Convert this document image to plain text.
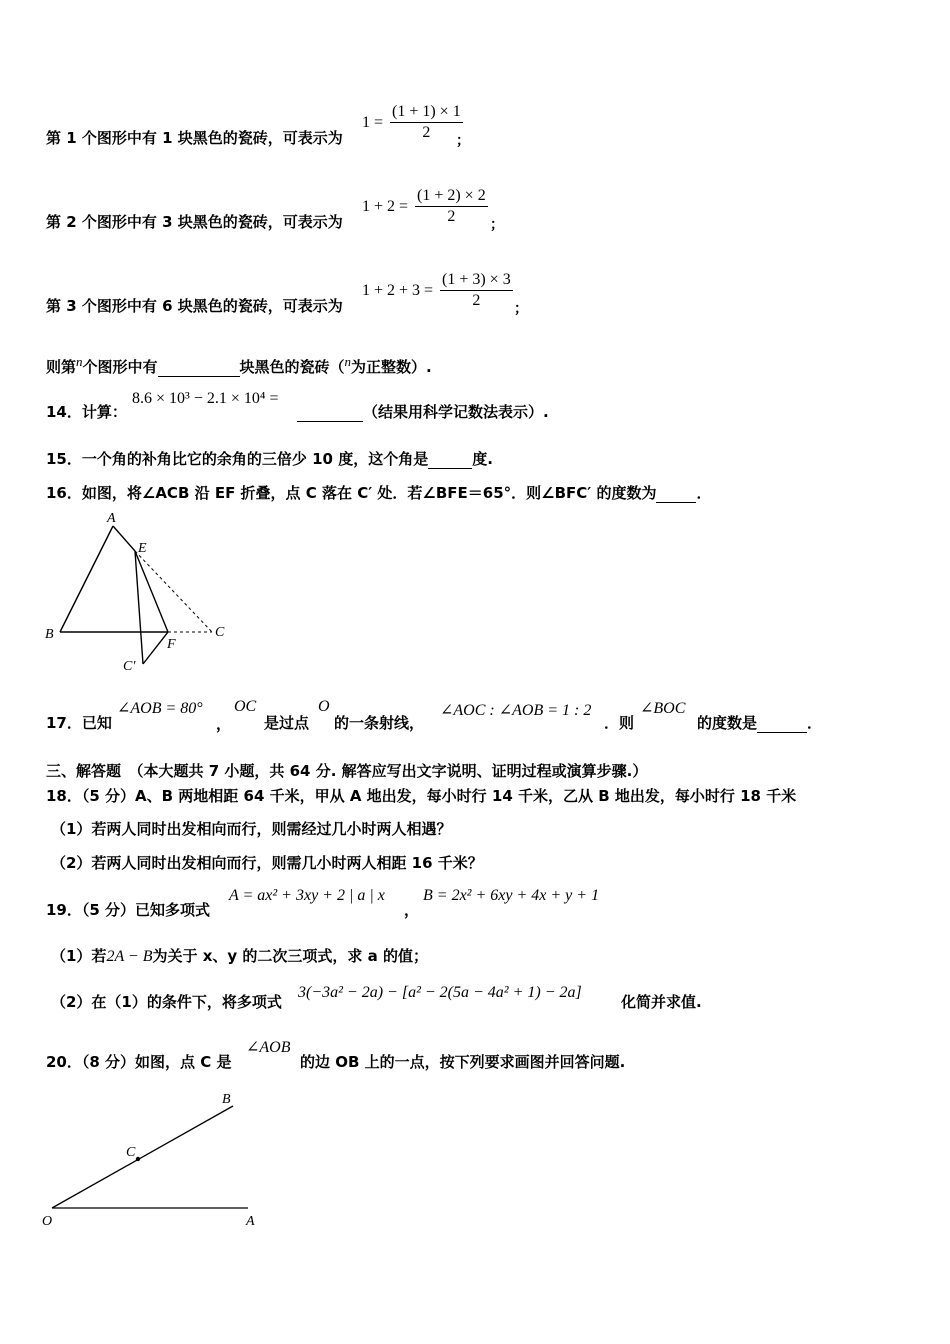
第 1 个图形中有 1 块黑色的瓷砖，可表示为
$1 = \frac{(1 + 1) \times 1}{2}$
；
第 2 个图形中有 3 块黑色的瓷砖，可表示为
$1 + 2 = \frac{(1 + 2) \times 2}{2}$ ；
第 3 个图形中有 6 块黑色的瓷砖，可表示为
$1 + 2 + 3 = \frac{(1 + 3) \times 3}{2}$ ；
则第$^n$个图形中有	块黑色的瓷砖（$^n$为正整数）.
14．计算：
8.6 × 10³ − 2.1 × 10⁴ =
（结果用科学记数法表示）.
15．一个角的补角比它的余角的三倍少 10 度，这个角是	度.
16．如图，将∠ACB 沿 EF 折叠，点 C 落在 C′ 处．若∠BFE＝65°．则∠BFC′ 的度数为	．
A
E
B
F
C
C′
17．已知
∠AOB = 80°
，
OC
是过点
O
的一条射线，
∠AOC : ∠AOB = 1 : 2
．则
∠BOC
的度数是	．
三、解答题　（本大题共 7 小题，共 64 分. 解答应写出文字说明、证明过程或演算步骤.）
18．（5 分）A、B 两地相距 64 千米，甲从 A 地出发，每小时行 14 千米，乙从 B 地出发，每小时行 18 千米
（1）若两人同时出发相向而行，则需经过几小时两人相遇？
（2）若两人同时出发相向而行，则需几小时两人相距 16 千米？
19．（5 分）已知多项式
A = ax² + 3xy + 2 | a | x
，
B = 2x² + 6xy + 4x + y + 1
（1）若2A − B为关于 x、y 的二次三项式，求 a 的值；
（2）在（1）的条件下，将多项式
3(−3a² − 2a) − [a² − 2(5a − 4a² + 1) − 2a]
化简并求值.
20．（8 分）如图，点 C 是
∠AOB
的边 OB 上的一点，按下列要求画图并回答问题.
O	A
B
C
